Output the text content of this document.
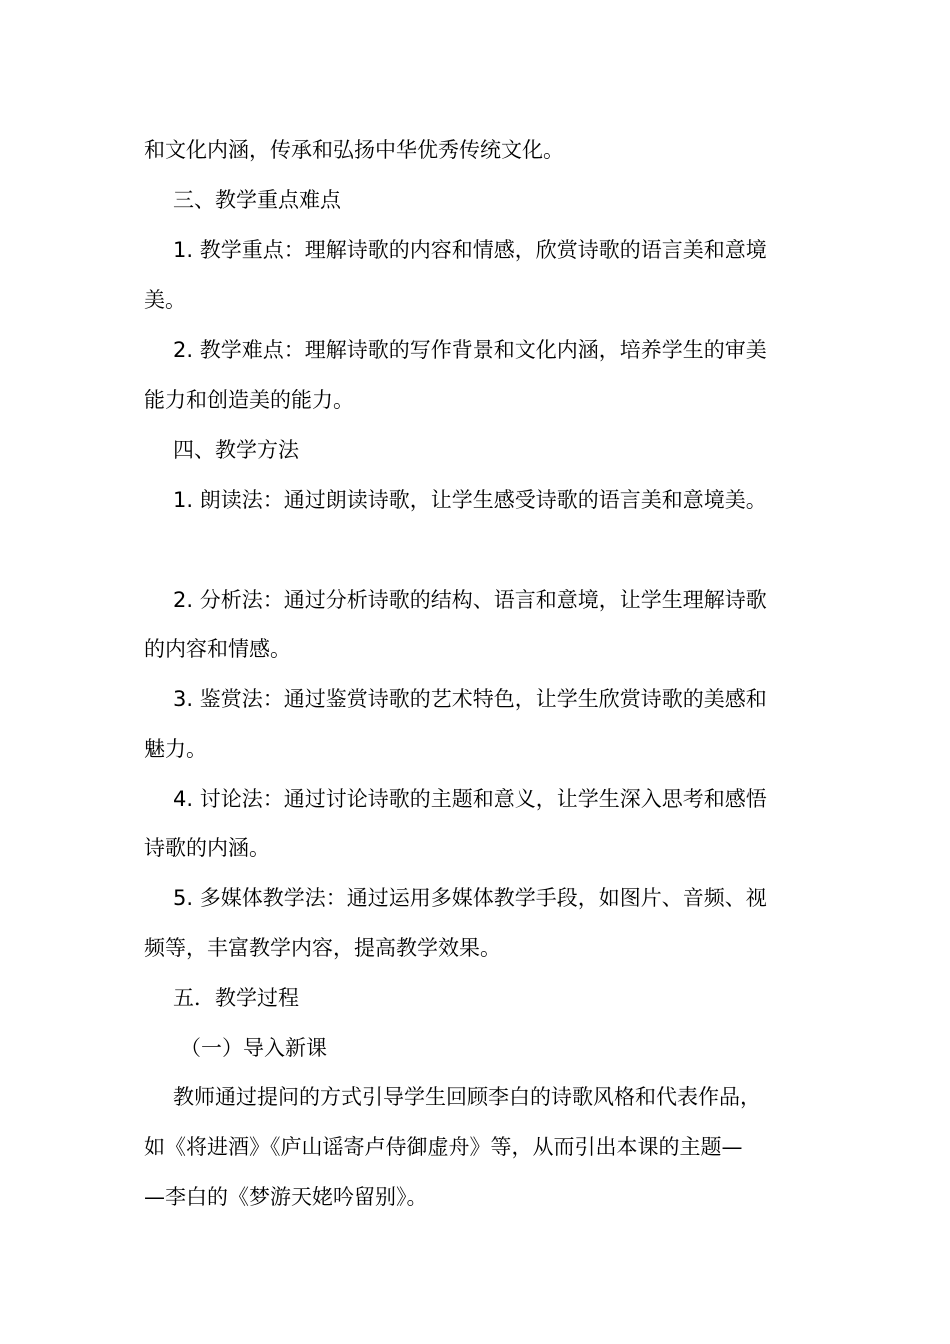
和文化内涵，传承和弘扬中华优秀传统文化。
三、教学重点难点
1. 教学重点：理解诗歌的内容和情感，欣赏诗歌的语言美和意境
美。
2. 教学难点：理解诗歌的写作背景和文化内涵，培养学生的审美
能力和创造美的能力。
四、教学方法
1. 朗读法：通过朗读诗歌，让学生感受诗歌的语言美和意境美。
2. 分析法：通过分析诗歌的结构、语言和意境，让学生理解诗歌
的内容和情感。
3. 鉴赏法：通过鉴赏诗歌的艺术特色，让学生欣赏诗歌的美感和
魅力。
4. 讨论法：通过讨论诗歌的主题和意义，让学生深入思考和感悟
诗歌的内涵。
5. 多媒体教学法：通过运用多媒体教学手段，如图片、音频、视
频等，丰富教学内容，提高教学效果。
五．教学过程
（一）导入新课
教师通过提问的方式引导学生回顾李白的诗歌风格和代表作品，
如《将进酒》《庐山谣寄卢侍御虚舟》等，从而引出本课的主题—
—李白的《梦游天姥吟留别》。
